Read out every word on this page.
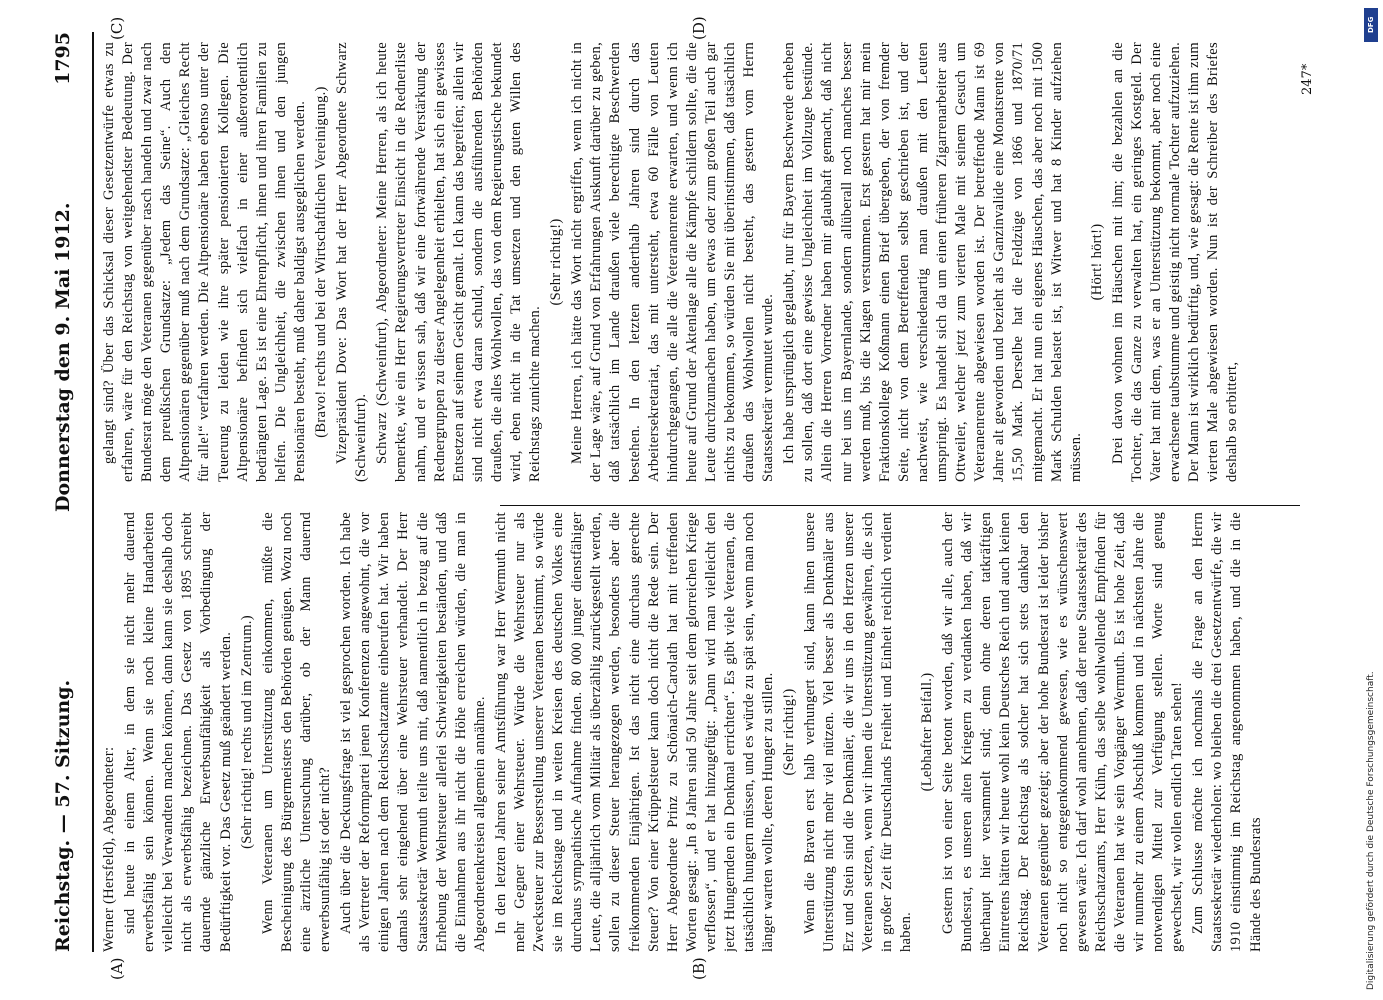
Reichstag. — 57. Sitzung.
Donnerstag den 9. Mai 1912.
1795

Werner (Hersfeld), Abgeordneter: sind heute in einem Alter, in dem sie nicht mehr dauernd erwerbsfähig sein können. Wenn sie noch kleine Handarbeiten vielleicht bei Verwandten machen können, dann kann sie deshalb doch nicht als erwerbsfähig bezeichnen. Das Gesetz von 1895 schreibt dauernde gänzliche Erwerbsunfähigkeit als Vorbedingung der Bedürftigkeit vor. Das Gesetz muß geändert werden. (Sehr richtig! rechts und im Zentrum.) Wenn Veteranen um Unterstützung einkommen, müßte die Bescheinigung des Bürgermeisters den Behörden genügen. Wozu noch eine ärztliche Untersuchung darüber, ob der Mann dauernd erwerbsunfähig ist oder nicht? Auch über die Deckungsfrage ist viel gesprochen worden. Ich habe als Vertreter der Reformpartei jenen Konferenzen angewohnt, die vor einigen Jahren nach dem Reichsschatzamte einberufen hat. Wir haben damals sehr eingehend über eine Wehrsteuer verhandelt. Der Herr Staatssekretär Wermuth teilte uns mit, daß namentlich in bezug auf die Erhebung der Wehrsteuer allerlei Schwierigkeiten beständen, und daß die Einnahmen aus ihr nicht die Höhe erreichen würden, die man in Abgeordnetenkreisen allgemein annähme. In den letzten Jahren seiner Amtsführung war Herr Wermuth nicht mehr Gegner einer Wehrsteuer. Würde die Wehrsteuer nur als Zwecksteuer zur Besserstellung unserer Veteranen bestimmt, so würde sie im Reichstage und in weiten Kreisen des deutschen Volkes eine durchaus sympathische Aufnahme finden. 80 000 junger dienstfähiger Leute, die alljährlich vom Militär als überzählig zurückgestellt werden, sollen zu dieser Steuer herangezogen werden, besonders aber die freikommenden Einjährigen. Ist das nicht eine durchaus gerechte Steuer? Von einer Krüppelsteuer kann doch nicht die Rede sein. Der Herr Abgeordnete Prinz zu Schönaich-Carolath hat mit treffenden Worten gesagt: „In 8 Jahren sind 50 Jahre seit dem glorreichen Kriege verflossen“, und er hat hinzugefügt: „Dann wird man vielleicht den jetzt Hungernden ein Denkmal errichten“. Es gibt viele Veteranen, die tatsächlich hungern müssen, und es würde zu spät sein, wenn man noch länger warten wollte, deren Hunger zu stillen. (Sehr richtig!) Wenn die Braven erst halb verhungert sind, kann ihnen unsere Unterstützung nicht mehr viel nützen. Viel besser als Denkmäler aus Erz und Stein sind die Denkmäler, die wir uns in den Herzen unserer Veteranen setzen, wenn wir ihnen die Unterstützung gewähren, die sich in großer Zeit für Deutschlands Freiheit und Einheit reichlich verdient haben.

(Lebhafter Beifall.) Gestern ist von einer Seite betont worden, daß wir alle, auch der Bundesrat, es unseren alten Kriegern zu verdanken haben, daß wir überhaupt hier versammelt sind; denn ohne deren tatkräftigen Eintretens hätten wir heute wohl kein Deutsches Reich und auch keinen Reichstag. Der Reichstag als solcher hat sich stets dankbar den Veteranen gegenüber gezeigt; aber der hohe Bundesrat ist leider bisher noch nicht so entgegenkommend gewesen, wie es wünschenswert gewesen wäre. Ich darf wohl annehmen, daß der neue Staatssekretär des Reichsschatzamts, Herr Kühn, das selbe wohlwollende Empfinden für die Veteranen hat wie sein Vorgänger Wermuth. Es ist hohe Zeit, daß wir nunmehr zu einem Abschluß kommen und in nächsten Jahre die notwendigen Mittel zur Verfügung stellen. Worte sind genug gewechselt, wir wollen endlich Taten sehen! Zum Schlusse möchte ich nochmals die Frage an den Herrn Staatssekretär wiederholen: wo bleiben die drei Gesetzentwürfe, die wir 1910 einstimmig im Reichstag angenommen haben, und die in die Hände des Bundesrats

gelangt sind? Über das Schicksal dieser Gesetzentwürfe etwas zu erfahren, wäre für den Reichstag von weitgehendster Bedeutung. Der Bundesrat möge den Veteranen gegenüber rasch handeln und zwar nach dem preußischen Grundsatze: „Jedem das Seine“. Auch den Altpensionären gegenüber muß nach dem Grundsatze: „Gleiches Recht für alle!“ verfahren werden. Die Altpensionäre haben ebenso unter der Teuerung zu leiden wie ihre später pensionierten Kollegen. Die Altpensionäre befinden sich vielfach in einer außerordentlich bedrängten Lage. Es ist eine Ehrenpflicht, ihnen und ihren Familien zu helfen. Die Ungleichheit, die zwischen ihnen und den jungen Pensionären besteht, muß daher baldigst ausgeglichen werden. (Bravo! rechts und bei der Wirtschaftlichen Vereinigung.) Vizepräsident Dove: Das Wort hat der Herr Abgeordnete Schwarz (Schweinfurt). Schwarz (Schweinfurt), Abgeordneter: Meine Herren, als ich heute bemerkte, wie ein Herr Regierungsvertreter Einsicht in die Rednerliste nahm, und er wissen sah, daß wir eine fortwährende Verstärkung der Rednergruppen zu dieser Angelegenheit erhielten, hat sich ein gewisses Entsetzen auf seinem Gesicht gemalt. Ich kann das begreifen; allein wir sind nicht etwa daran schuld, sondern die ausführenden Behörden draußen, die alles Wohlwollen, das von dem Regierungstische bekundet wird, eben nicht in die Tat umsetzen und den guten Willen des Reichstags zunichte machen.

(Sehr richtig!) Meine Herren, ich hätte das Wort nicht ergriffen, wenn ich nicht in der Lage wäre, auf Grund von Erfahrungen Auskunft darüber zu geben, daß tatsächlich im Lande draußen viele berechtigte Beschwerden bestehen. In den letzten anderthalb Jahren sind durch das Arbeitersekretariat, das mit untersteht, etwa 60 Fälle von Leuten hindurchgegangen, die alle die Veteranenrente erwarten, und wenn ich heute auf Grund der Aktenlage alle die Kämpfe schildern sollte, die die Leute durchzumachen haben, um etwas oder zum großen Teil auch gar nichts zu bekommen, so würden Sie mit überinstimmen, daß tatsächlich draußen das Wohlwollen nicht besteht, das gestern vom Herrn Staatssekretär vermutet wurde. Ich habe ursprünglich geglaubt, nur für Bayern Beschwerde erheben zu sollen, daß dort eine gewisse Ungleichheit im Vollzuge bestünde. Allein die Herren Vorredner haben mir glaubhaft gemacht, daß nicht nur bei uns im Bayernlande, sondern allüberall noch manches besser werden muß, bis die Klagen verstummen. Erst gestern hat mir mein Fraktionskollege Koßmann einen Brief übergeben, der von fremder Seite, nicht von dem Betreffenden selbst geschrieben ist, und der nachweist, wie verschiedenartig man draußen mit den Leuten umspringt. Es handelt sich da um einen früheren Zigarrenarbeiter aus Ottweiler, welcher jetzt zum vierten Male mit seinem Gesuch um Veteranenrente abgewiesen worden ist. Der betreffende Mann ist 69 Jahre alt geworden und bezieht als Ganzinvalide eine Monatsrente von 15,50 Mark. Derselbe hat die Feldzüge von 1866 und 1870/71 mitgemacht. Er hat nun ein eigenes Häuschen, das aber noch mit 1500 Mark Schulden belastet ist, ist Witwer und hat 8 Kinder aufziehen müssen.

(Hört! hört!) Drei davon wohnen im Häuschen mit ihm; die bezahlen an die Tochter, die das Ganze zu verwalten hat, ein geringes Kostgeld. Der Vater hat mit dem, was er an Unterstützung bekommt, aber noch eine erwachsene taubstumme und geistig nicht normale Tochter aufzuziehen. Der Mann ist wirklich bedürftig, und, wie gesagt: die Rente ist ihm zum vierten Male abgewiesen worden. Nun ist der Schreiber des Briefes deshalb so erbittert,

(A)	(B)
(C)	(D)
247*
DFG
Digitalisierung gefördert durch die Deutsche Forschungsgemeinschaft.
